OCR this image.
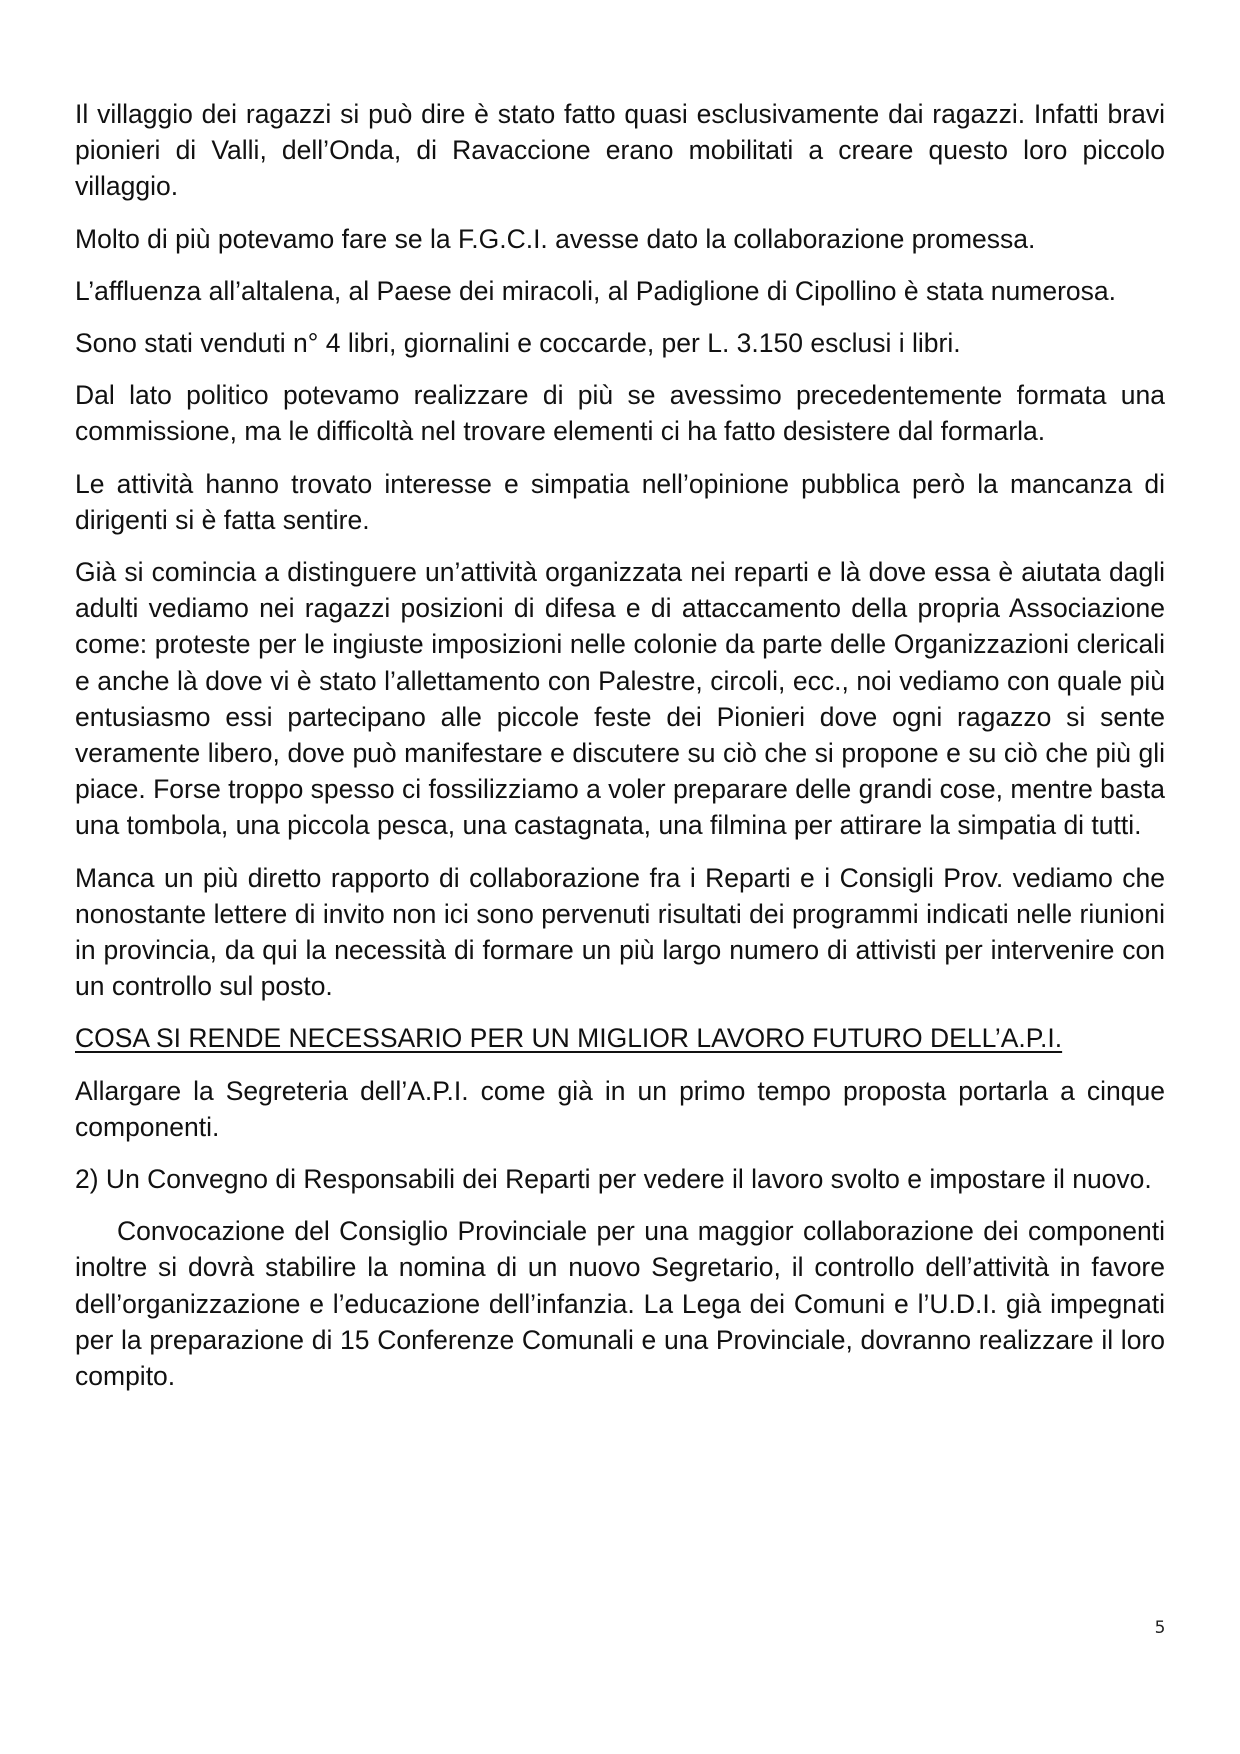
Il villaggio dei ragazzi si può dire è stato fatto quasi esclusivamente dai ragazzi. Infatti bravi pionieri di Valli, dell’Onda, di Ravaccione erano mobilitati a creare questo loro piccolo villaggio.

Molto di più potevamo fare se la F.G.C.I. avesse dato la collaborazione promessa.

L’affluenza all’altalena, al Paese dei miracoli, al Padiglione di Cipollino è stata numerosa.

Sono stati venduti n° 4 libri, giornalini e coccarde, per L. 3.150 esclusi i libri.

Dal lato politico potevamo realizzare di più se avessimo precedentemente formata una commissione, ma le difficoltà nel trovare elementi ci ha fatto desistere dal formarla.

Le attività hanno trovato interesse e simpatia nell’opinione pubblica però la mancanza di dirigenti si è fatta sentire.

Già si comincia a distinguere un’attività organizzata nei reparti e là dove essa è aiutata dagli adulti vediamo nei ragazzi posizioni di difesa e di attaccamento della propria Associazione come: proteste per le ingiuste imposizioni nelle colonie da parte delle Organizzazioni clericali e anche là dove vi è stato l’allettamento con Palestre, circoli, ecc., noi vediamo con quale più entusiasmo essi partecipano alle piccole feste dei Pionieri dove ogni ragazzo si sente veramente libero, dove può manifestare e discutere su ciò che si propone e su ciò che più gli piace. Forse troppo spesso ci fossilizziamo a voler preparare delle grandi cose, mentre basta una tombola, una piccola pesca, una castagnata, una filmina per attirare la simpatia di tutti.

Manca un più diretto rapporto di collaborazione fra i Reparti e i Consigli Prov. vediamo che nonostante lettere di invito non ici sono pervenuti risultati dei programmi indicati nelle riunioni in provincia, da qui la necessità di formare un più largo numero di attivisti per intervenire con un controllo sul posto.

COSA SI RENDE NECESSARIO PER UN MIGLIOR LAVORO FUTURO DELL’A.P.I.

Allargare la Segreteria dell’A.P.I. come già in un primo tempo proposta portarla a cinque componenti.

2) Un Convegno di Responsabili dei Reparti per vedere il lavoro svolto e impostare il nuovo.

Convocazione del Consiglio Provinciale per una maggior collaborazione dei componenti inoltre si dovrà stabilire la nomina di un nuovo Segretario, il controllo dell’attività in favore dell’organizzazione e l’educazione dell’infanzia. La Lega dei Comuni e l’U.D.I. già impegnati per la preparazione di 15 Conferenze Comunali e una Provinciale, dovranno realizzare il loro compito.

5
